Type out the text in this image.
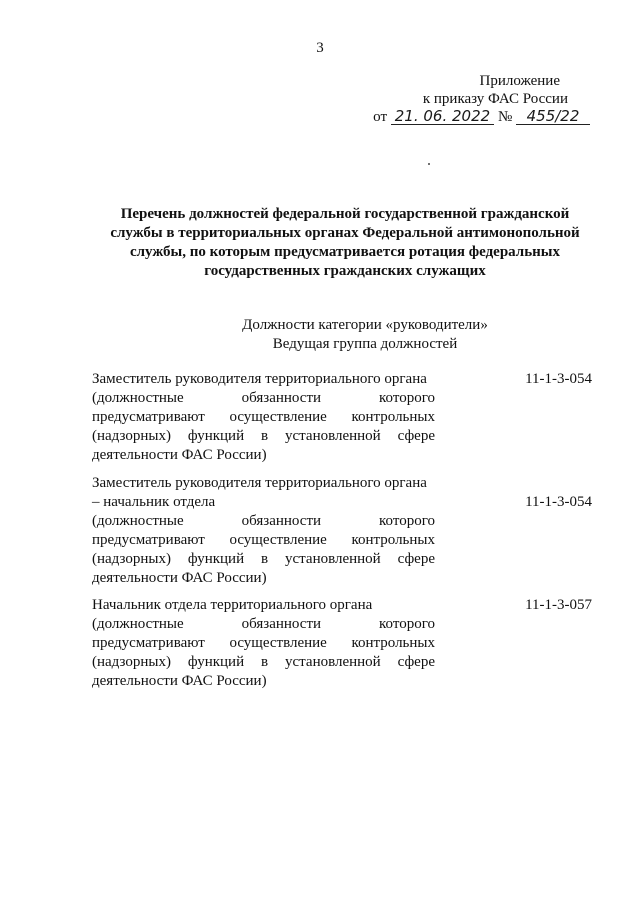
3
Приложение
к приказу ФАС России
от 21. 06. 2022 № 455/22
Перечень должностей федеральной государственной гражданской
службы в территориальных органах Федеральной антимонопольной
службы, по которым предусматривается ротация федеральных
государственных гражданских служащих
Должности категории «руководители»
Ведущая группа должностей
11-1-3-054
Заместитель руководителя территориального органа
(должностные обязанности которого
предусматривают осуществление контрольных
(надзорных) функций в установленной сфере
деятельности ФАС России)
11-1-3-054
Заместитель руководителя территориального органа
– начальник отдела
(должностные обязанности которого
предусматривают осуществление контрольных
(надзорных) функций в установленной сфере
деятельности ФАС России)
11-1-3-057
Начальник отдела территориального органа
(должностные обязанности которого
предусматривают осуществление контрольных
(надзорных) функций в установленной сфере
деятельности ФАС России)
